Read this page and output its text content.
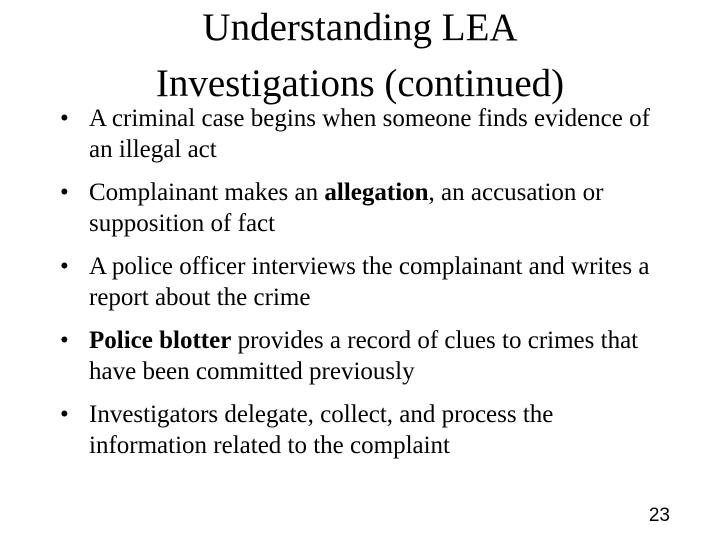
Understanding LEA
Investigations (continued)
• A criminal case begins when someone finds evidence of an illegal act
• Complainant makes an allegation, an accusation or supposition of fact
• A police officer interviews the complainant and writes a report about the crime
• Police blotter provides a record of clues to crimes that have been committed previously
• Investigators delegate, collect, and process the information related to the complaint
23
